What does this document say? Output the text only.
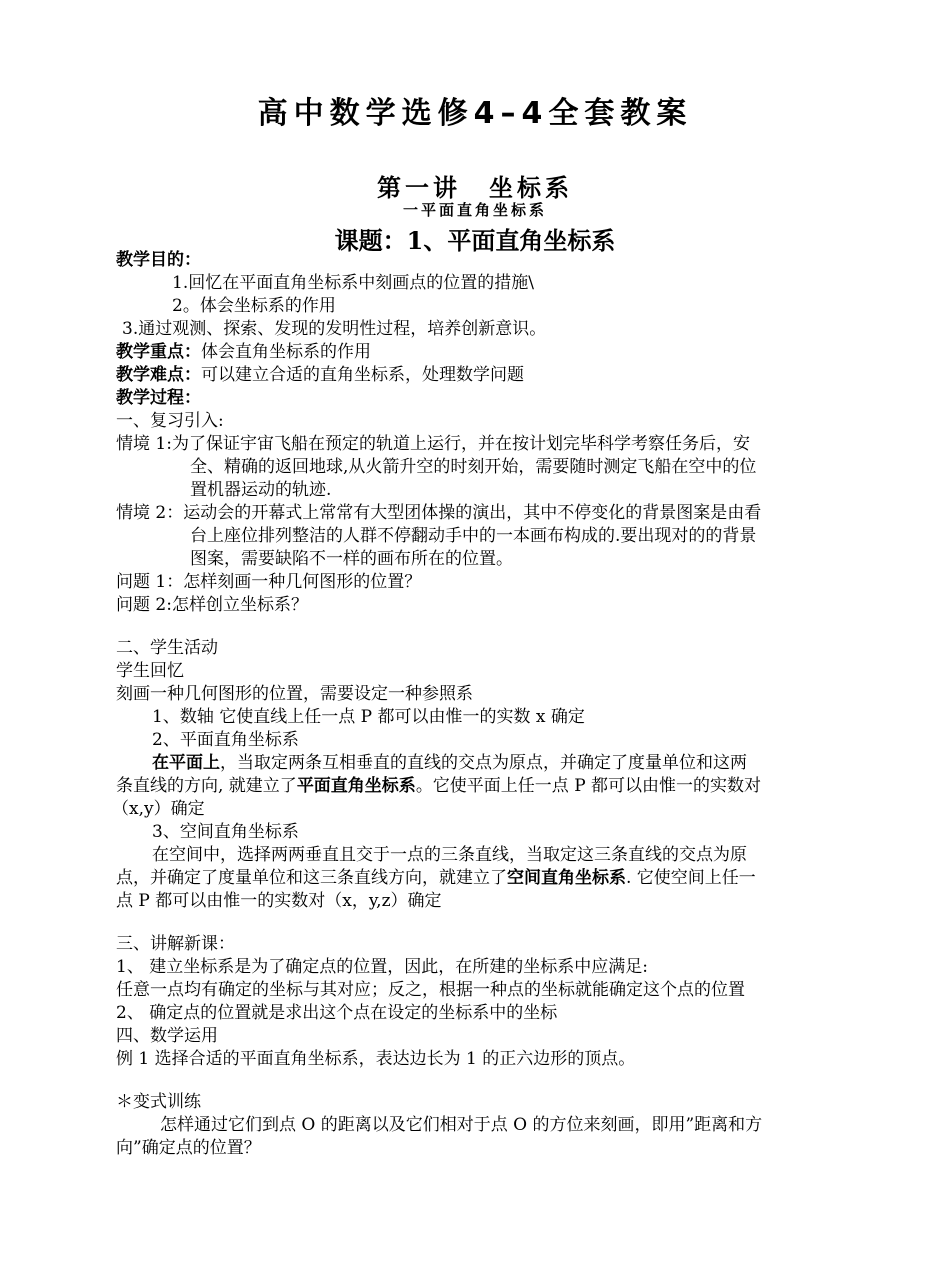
高中数学选修4–4全套教案
第一讲　坐标系
一平面直角坐标系
课题：1、平面直角坐标系
教学目的：
1.回忆在平面直角坐标系中刻画点的位置的措施\
2。体会坐标系的作用
3.通过观测、探索、发现的发明性过程，培养创新意识。
教学重点：体会直角坐标系的作用
教学难点：可以建立合适的直角坐标系，处理数学问题
教学过程：
一、复习引入:
情境 1:为了保证宇宙飞船在预定的轨道上运行，并在按计划完毕科学考察任务后，安
全、精确的返回地球,从火箭升空的时刻开始，需要随时测定飞船在空中的位
置机器运动的轨迹.
情境 2：运动会的开幕式上常常有大型团体操的演出，其中不停变化的背景图案是由看
台上座位排列整洁的人群不停翻动手中的一本画布构成的.要出现对的的背景
图案，需要缺陷不一样的画布所在的位置。
问题 1：怎样刻画一种几何图形的位置？
问题 2:怎样创立坐标系？
二、学生活动
学生回忆
刻画一种几何图形的位置，需要设定一种参照系
1、数轴 它使直线上任一点 P 都可以由惟一的实数 x 确定
2、平面直角坐标系
在平面上，当取定两条互相垂直的直线的交点为原点，并确定了度量单位和这两
条直线的方向, 就建立了平面直角坐标系。它使平面上任一点 P 都可以由惟一的实数对
（x,y）确定
3、空间直角坐标系
在空间中，选择两两垂直且交于一点的三条直线，当取定这三条直线的交点为原
点，并确定了度量单位和这三条直线方向，就建立了空间直角坐标系. 它使空间上任一
点 P 都可以由惟一的实数对（x，y,z）确定
三、讲解新课：
1、 建立坐标系是为了确定点的位置，因此，在所建的坐标系中应满足:
任意一点均有确定的坐标与其对应；反之，根据一种点的坐标就能确定这个点的位置
2、 确定点的位置就是求出这个点在设定的坐标系中的坐标
四、数学运用
例 1 选择合适的平面直角坐标系，表达边长为 1 的正六边形的顶点。
＊变式训练
怎样通过它们到点 O 的距离以及它们相对于点 O 的方位来刻画，即用”距离和方
向”确定点的位置？
